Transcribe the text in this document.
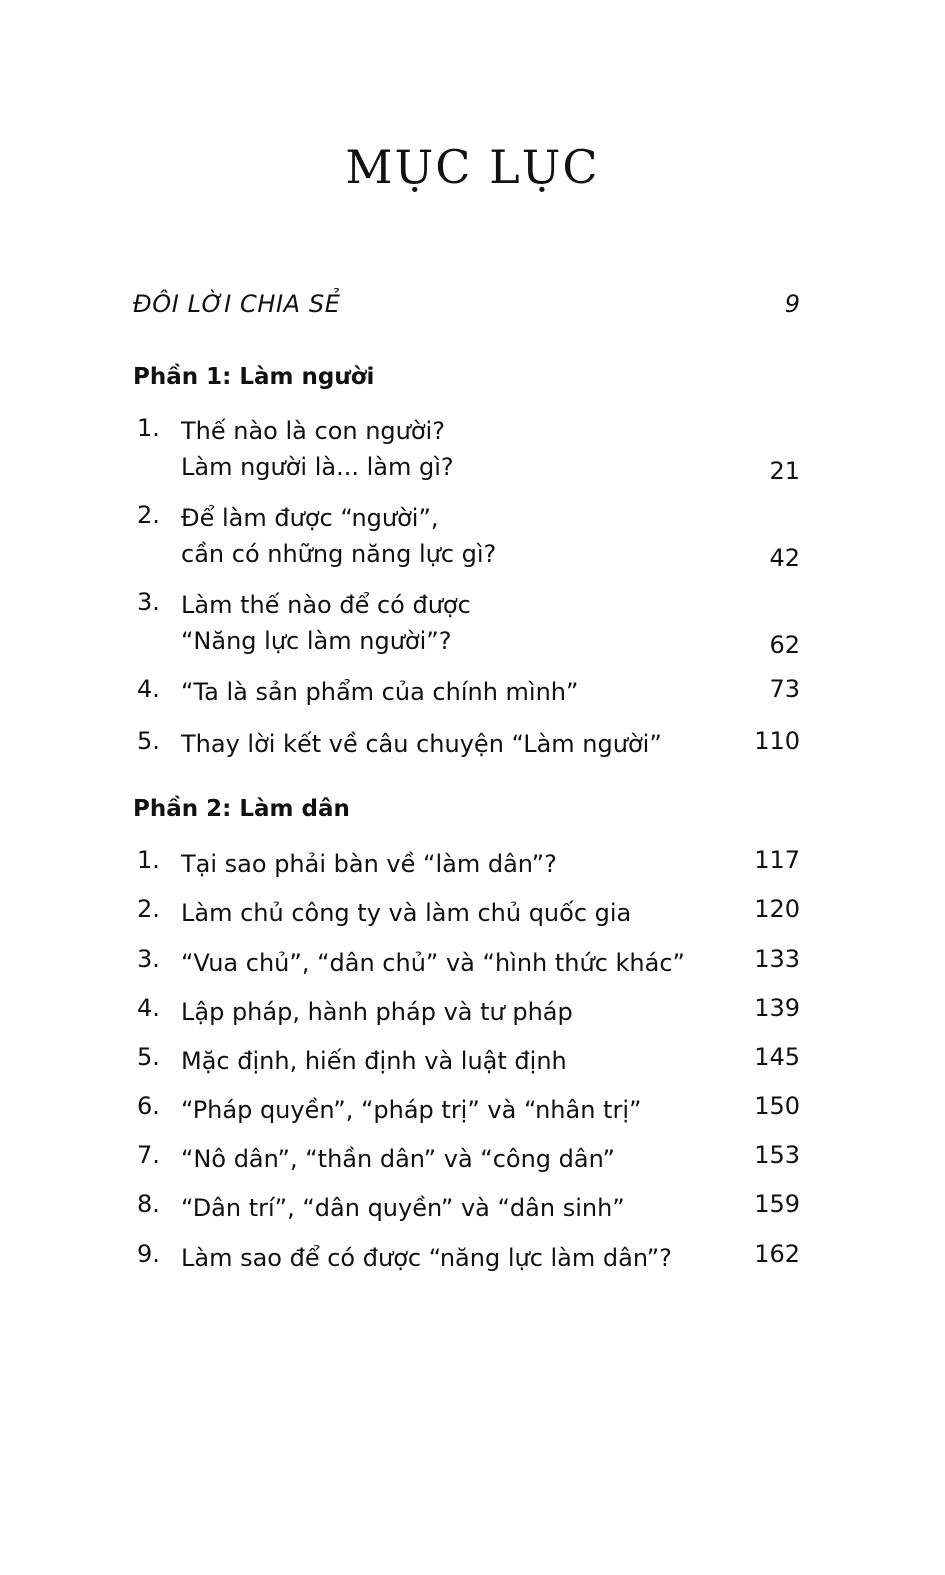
MỤC LỤC
ĐÔI LỜI CHIA SẺ	9
Phần 1: Làm người
1. Thế nào là con người?
Làm người là... làm gì?	21
2. Để làm được “người”,
cần có những năng lực gì?	42
3. Làm thế nào để có được
“Năng lực làm người”?	62
4. “Ta là sản phẩm của chính mình”	73
5. Thay lời kết về câu chuyện “Làm người”	110
Phần 2: Làm dân
1. Tại sao phải bàn về “làm dân”?	117
2. Làm chủ công ty và làm chủ quốc gia	120
3. “Vua chủ”, “dân chủ” và “hình thức khác”	133
4. Lập pháp, hành pháp và tư pháp	139
5. Mặc định, hiến định và luật định	145
6. “Pháp quyền”, “pháp trị” và “nhân trị”	150
7. “Nô dân”, “thần dân” và “công dân”	153
8. “Dân trí”, “dân quyền” và “dân sinh”	159
9. Làm sao để có được “năng lực làm dân”?	162
